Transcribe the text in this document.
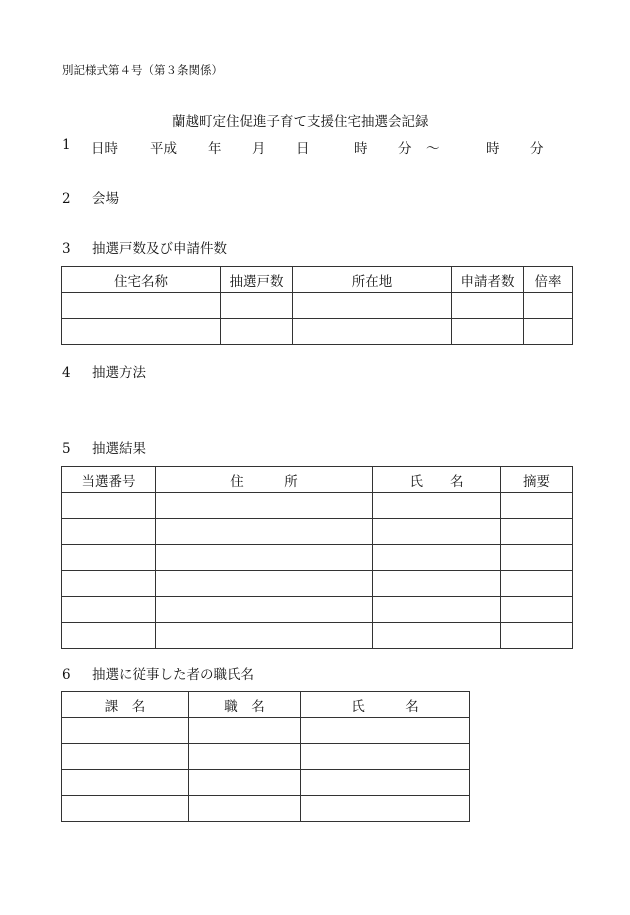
別記様式第４号（第３条関係）
蘭越町定住促進子育て支援住宅抽選会記録
1 日時 平成 年 月 日	時 分 〜	時 分
2 会場
3 抽選戸数及び申請件数
住宅名称	抽選戸数	所在地	申請者数	倍率

4 抽選方法
5 抽選結果
当選番号	住　　　所	氏　　名	摘要

6 抽選に従事した者の職氏名
課　名	職　名	氏　　　名
